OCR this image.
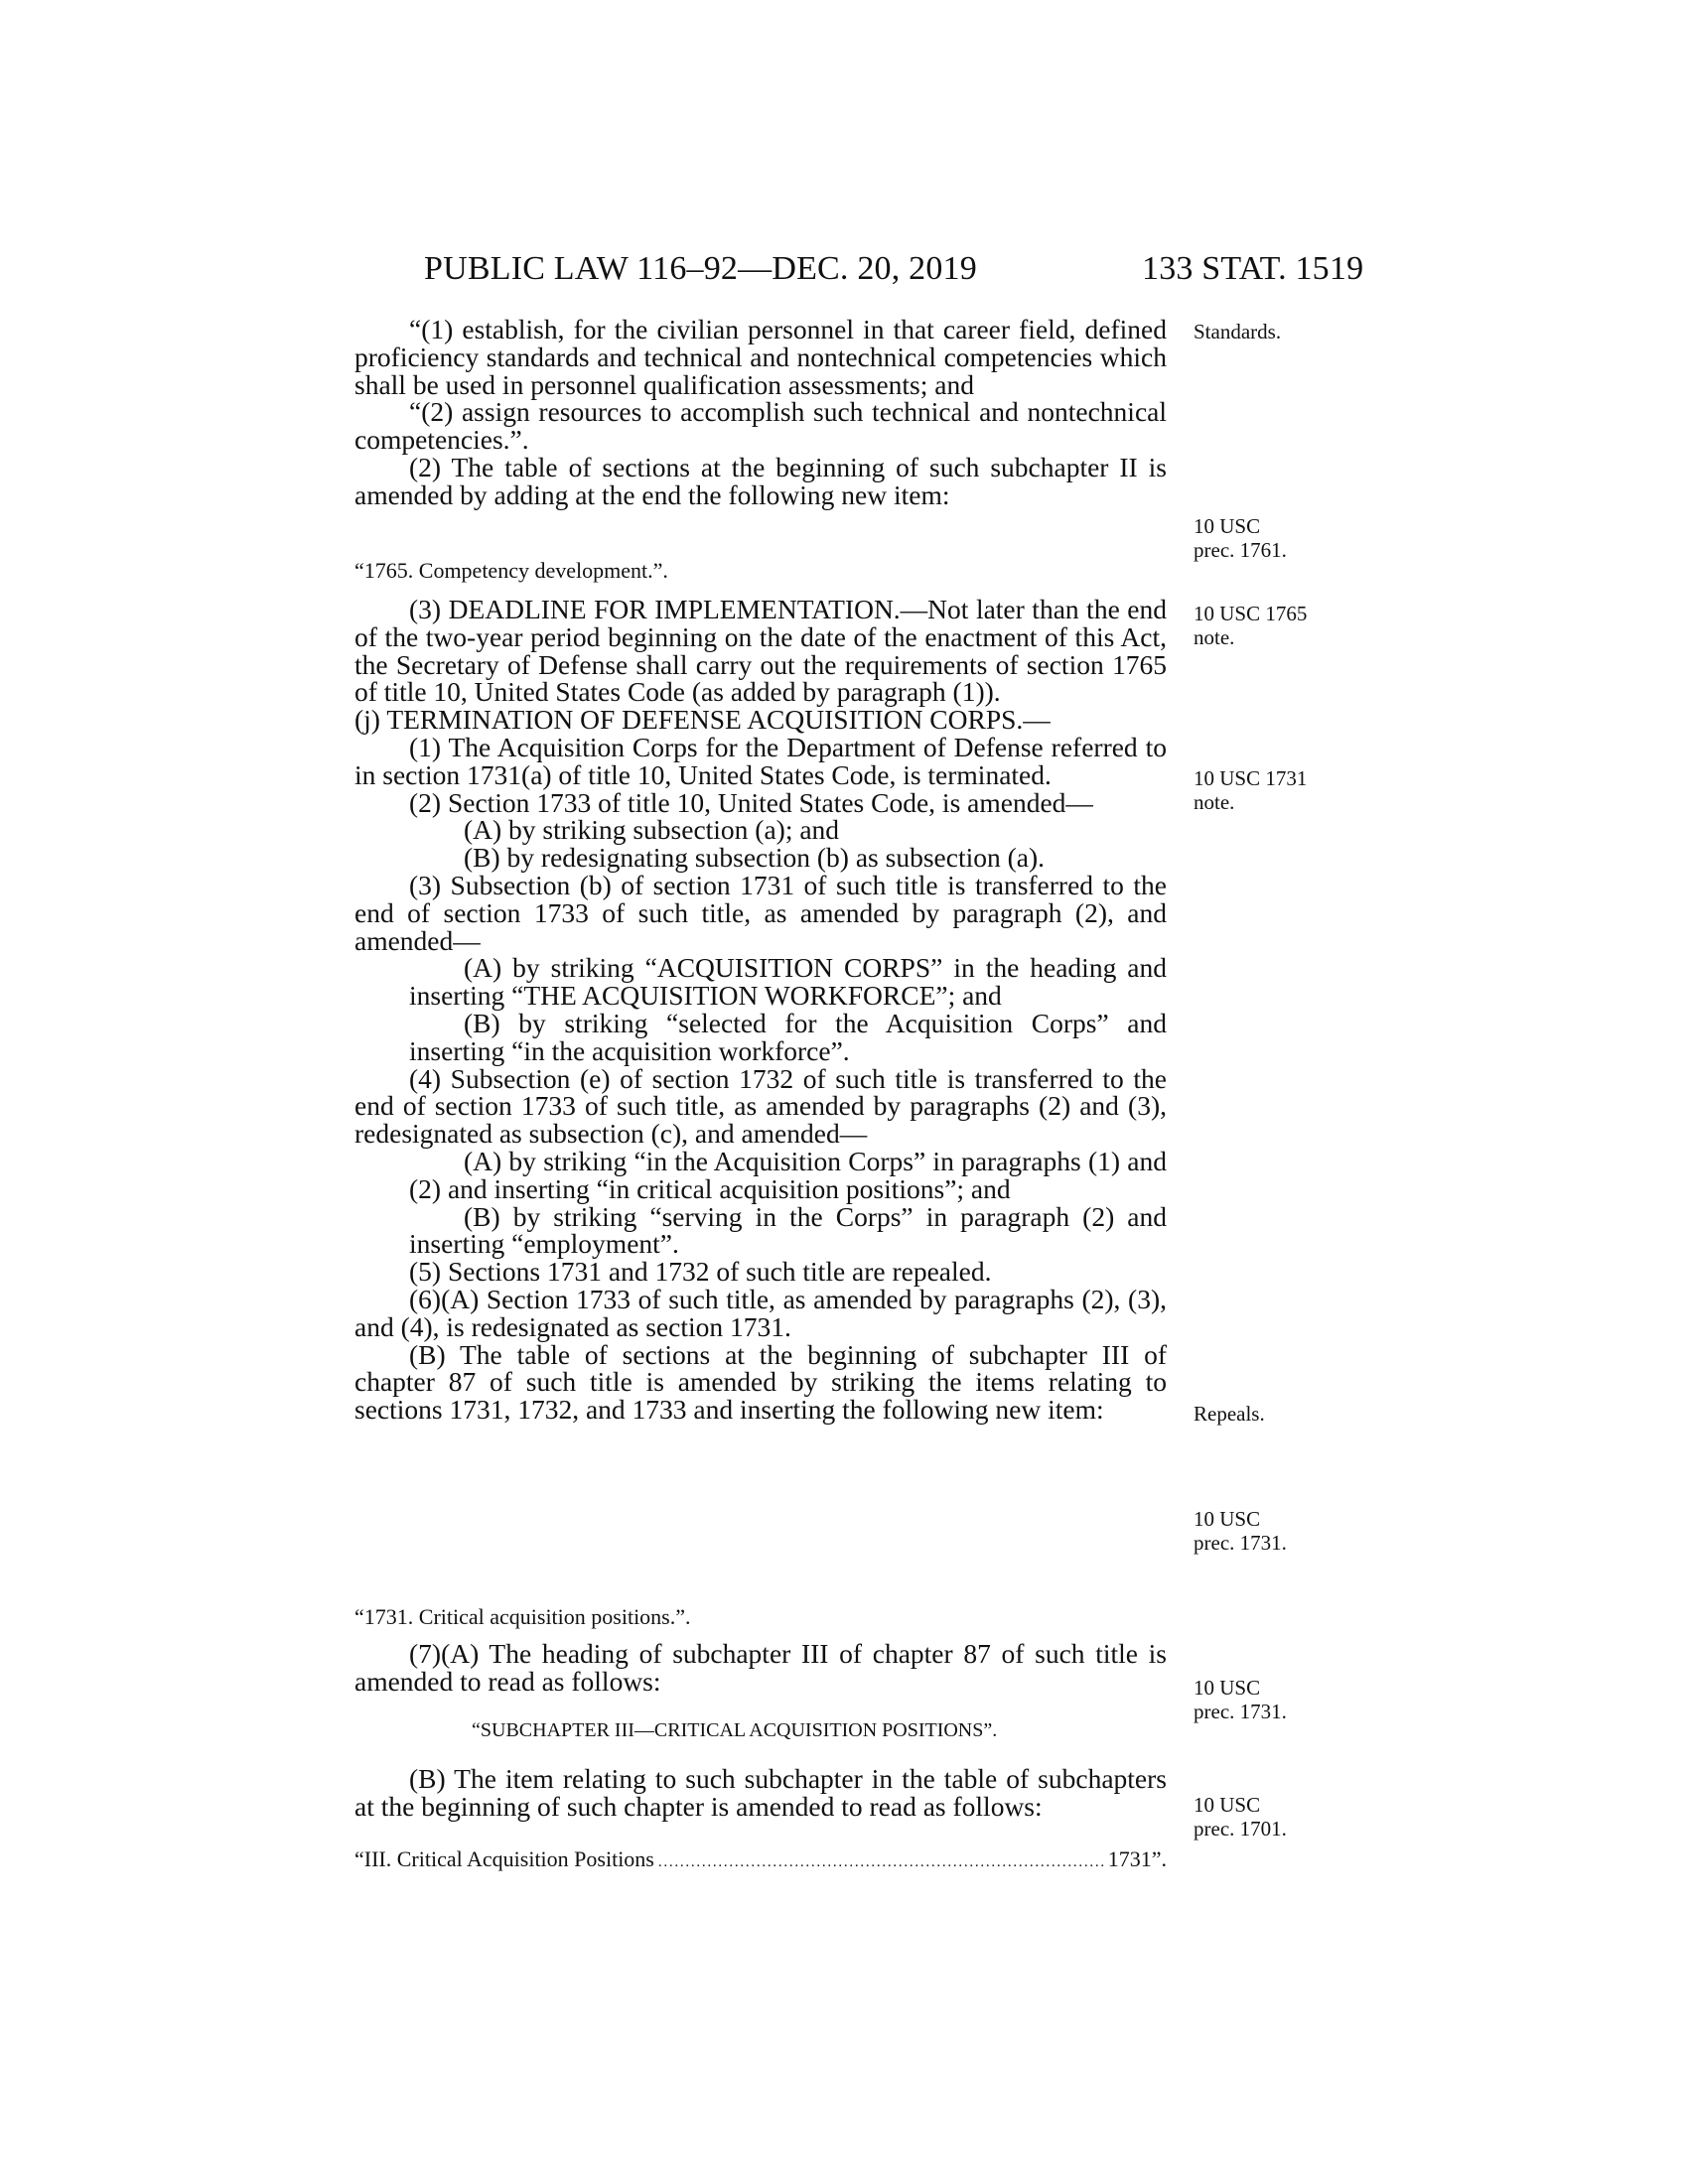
PUBLIC LAW 116–92—DEC. 20, 2019	133 STAT. 1519

“(1) establish, for the civilian personnel in that career field, defined proficiency standards and technical and nontechnical competencies which shall be used in personnel qualification assessments; and

“(2) assign resources to accomplish such technical and nontechnical competencies.”.

(2) The table of sections at the beginning of such subchapter II is amended by adding at the end the following new item:

“1765. Competency development.”.

(3) DEADLINE FOR IMPLEMENTATION.—Not later than the end of the two-year period beginning on the date of the enactment of this Act, the Secretary of Defense shall carry out the requirements of section 1765 of title 10, United States Code (as added by paragraph (1)).

(j) TERMINATION OF DEFENSE ACQUISITION CORPS.—

(1) The Acquisition Corps for the Department of Defense referred to in section 1731(a) of title 10, United States Code, is terminated.

(2) Section 1733 of title 10, United States Code, is amended—

(A) by striking subsection (a); and

(B) by redesignating subsection (b) as subsection (a).

(3) Subsection (b) of section 1731 of such title is transferred to the end of section 1733 of such title, as amended by paragraph (2), and amended—

(A) by striking “ACQUISITION CORPS” in the heading and inserting “THE ACQUISITION WORKFORCE”; and

(B) by striking “selected for the Acquisition Corps” and inserting “in the acquisition workforce”.

(4) Subsection (e) of section 1732 of such title is transferred to the end of section 1733 of such title, as amended by paragraphs (2) and (3), redesignated as subsection (c), and amended—

(A) by striking “in the Acquisition Corps” in paragraphs (1) and (2) and inserting “in critical acquisition positions”; and

(B) by striking “serving in the Corps” in paragraph (2) and inserting “employment”.

(5) Sections 1731 and 1732 of such title are repealed.

(6)(A) Section 1733 of such title, as amended by paragraphs (2), (3), and (4), is redesignated as section 1731.

(B) The table of sections at the beginning of subchapter III of chapter 87 of such title is amended by striking the items relating to sections 1731, 1732, and 1733 and inserting the following new item:

“1731. Critical acquisition positions.”.

(7)(A) The heading of subchapter III of chapter 87 of such title is amended to read as follows:

“SUBCHAPTER III—CRITICAL ACQUISITION POSITIONS”.

(B) The item relating to such subchapter in the table of subchapters at the beginning of such chapter is amended to read as follows:

“III. Critical Acquisition Positions
. . .	1731”.
Standards.
10 USC
prec. 1761.
10 USC 1765
note.
10 USC 1731
note.
Repeals.
10 USC
prec. 1731.
10 USC
prec. 1731.
10 USC
prec. 1701.
